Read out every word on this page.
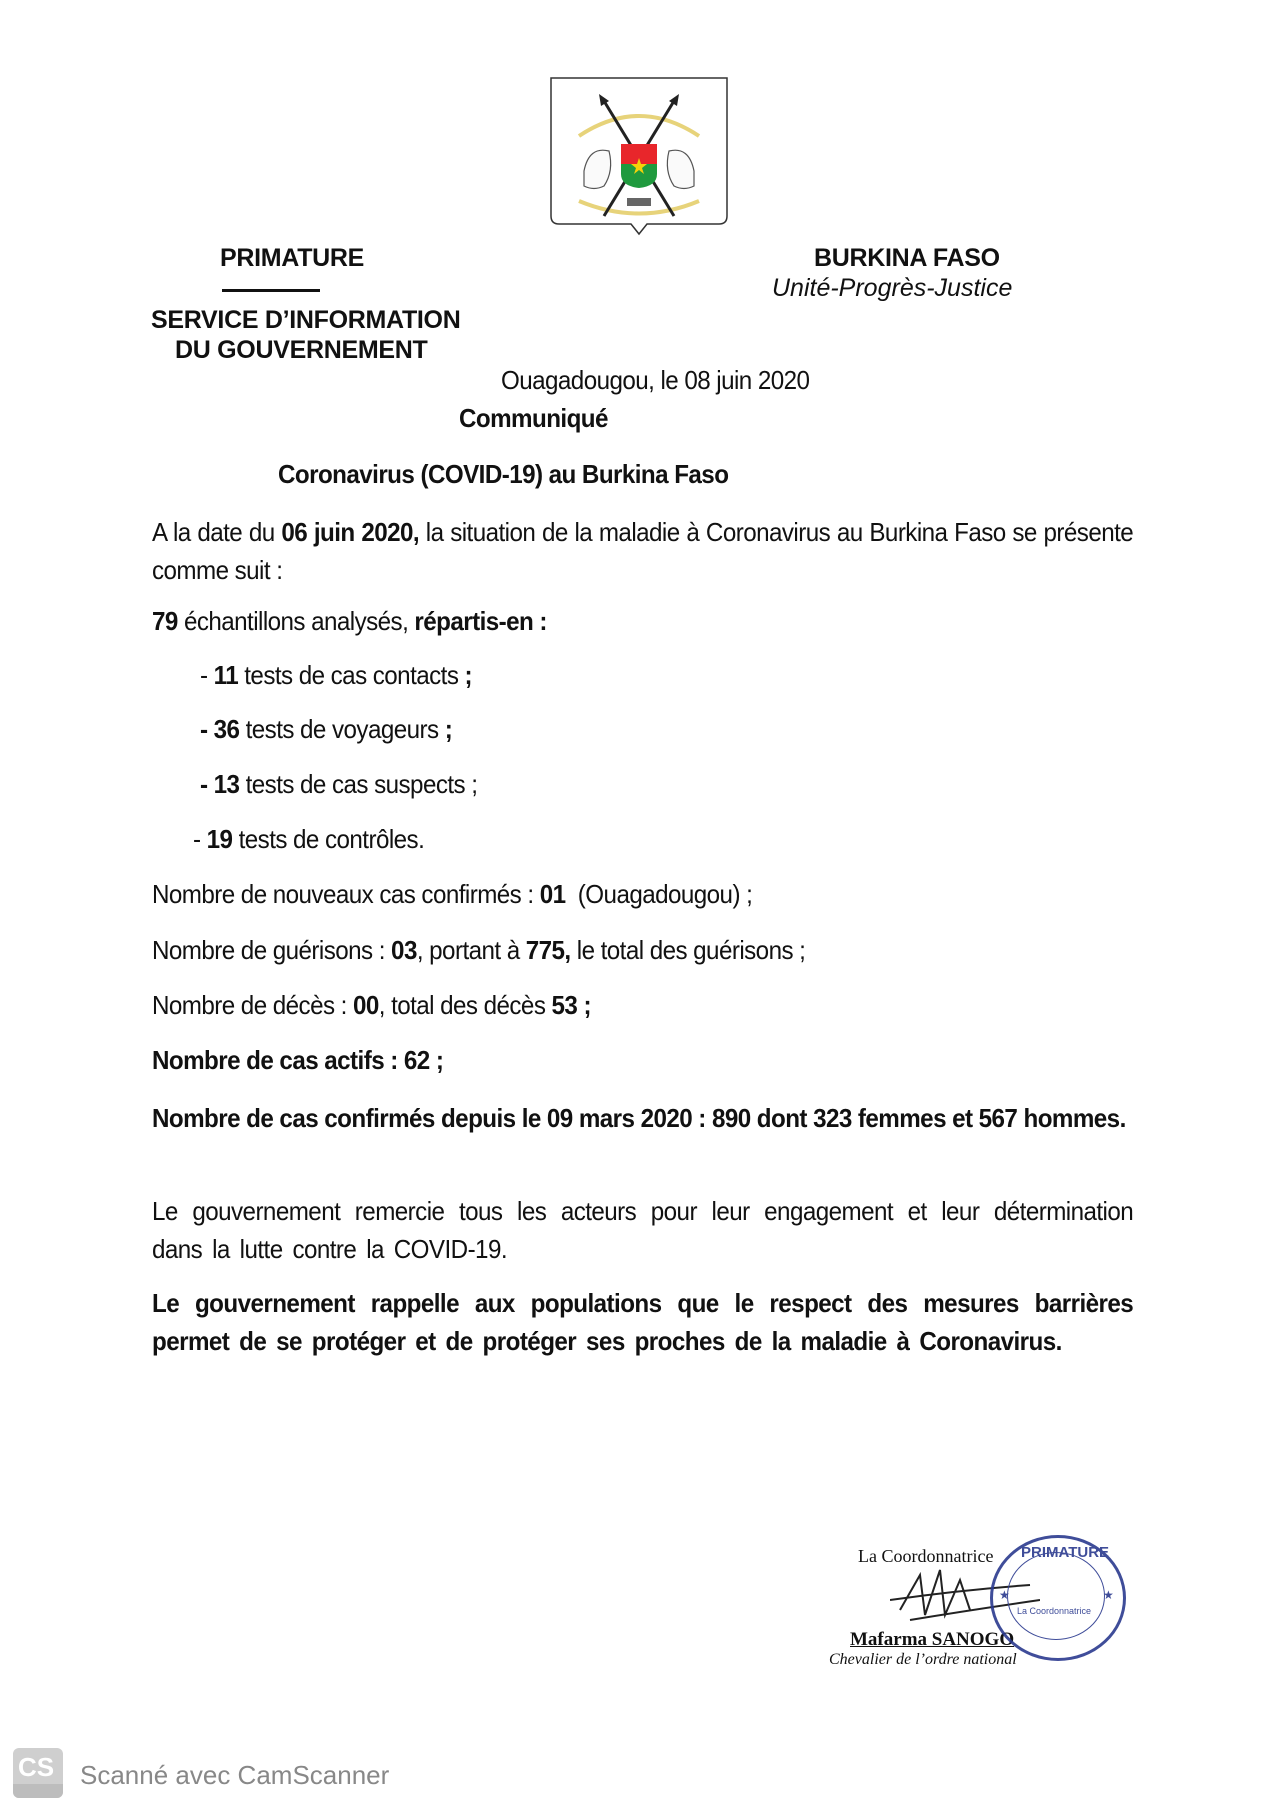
PRIMATURE
SERVICE D’INFORMATION
DU GOUVERNEMENT
BURKINA FASO
Unité-Progrès-Justice
Ouagadougou, le 08 juin 2020
Communiqué
Coronavirus (COVID-19) au Burkina Faso
A la date du 06 juin 2020, la situation de la maladie à Coronavirus au Burkina Faso se présente comme suit :
79 échantillons analysés, répartis-en :
- 11 tests de cas contacts ;
- 36 tests de voyageurs ;
- 13 tests de cas suspects ;
- 19 tests de contrôles.
Nombre de nouveaux cas confirmés : 01  (Ouagadougou) ;
Nombre de guérisons : 03, portant à 775, le total des guérisons ;
Nombre de décès : 00, total des décès 53 ;
Nombre de cas actifs : 62 ;
Nombre de cas confirmés depuis le 09 mars 2020 : 890 dont 323 femmes et 567 hommes.
Le gouvernement remercie tous les acteurs pour leur engagement et leur détermination dans la lutte contre la COVID-19.
Le gouvernement rappelle aux populations que le respect des mesures barrières permet de se protéger et de protéger ses proches de la maladie à Coronavirus.
La Coordonnatrice
Mafarma SANOGO
Chevalier de l’ordre national
PRIMATURE
La Coordonnatrice
★	★
CS Scanné avec CamScanner
